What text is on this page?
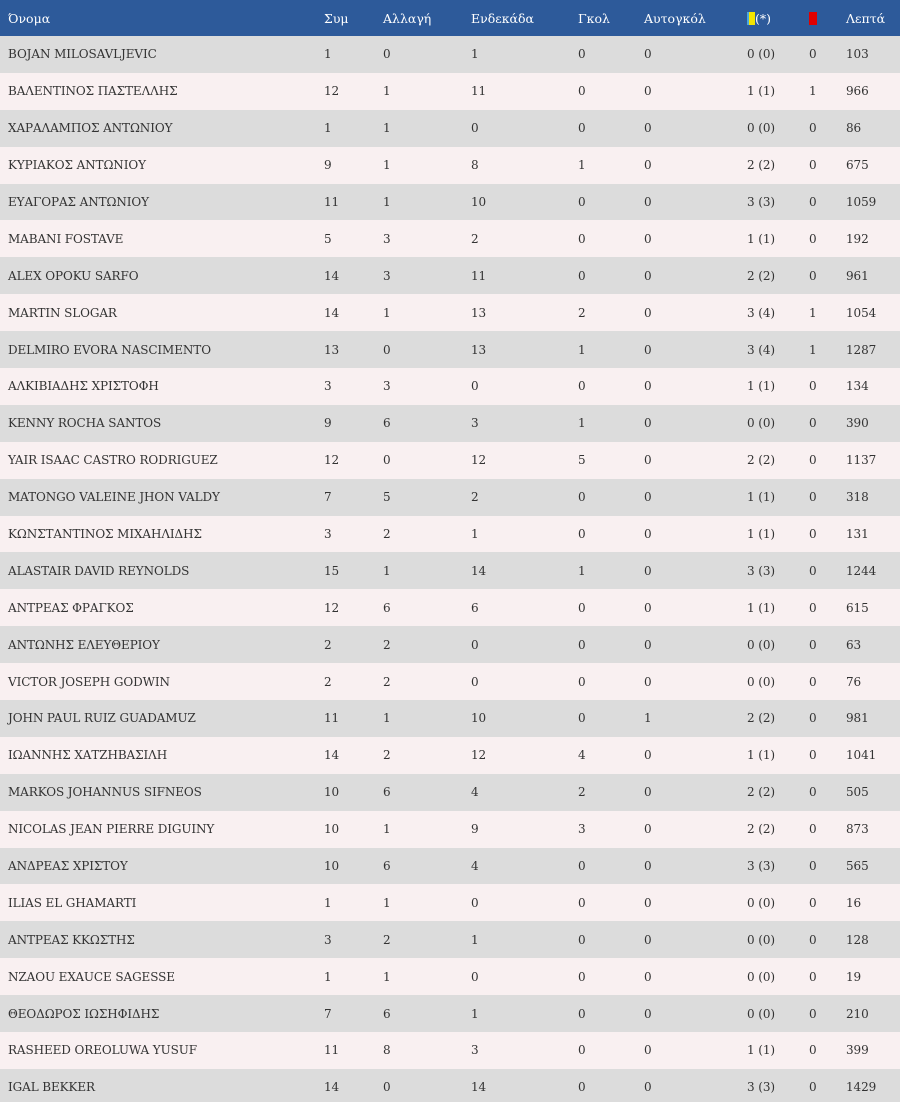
Όνομα	Συμ	Αλλαγή	Ενδεκάδα	Γκολ	Αυτογκόλ	(*)		Λεπτά
BOJAN MILOSAVLJEVIC	1	0	1	0	0	0 (0)	0	103
ΒΑΛΕΝΤΙΝΟΣ ΠΑΣΤΕΛΛΗΣ	12	1	11	0	0	1 (1)	1	966
ΧΑΡΑΛΑΜΠΟΣ ΑΝΤΩΝΙΟΥ	1	1	0	0	0	0 (0)	0	86
ΚΥΡΙΑΚΟΣ ΑΝΤΩΝΙΟΥ	9	1	8	1	0	2 (2)	0	675
ΕΥΑΓΟΡΑΣ ΑΝΤΩΝΙΟΥ	11	1	10	0	0	3 (3)	0	1059
MABANI FOSTAVE	5	3	2	0	0	1 (1)	0	192
ALEX OPOKU SARFO	14	3	11	0	0	2 (2)	0	961
MARTIN SLOGAR	14	1	13	2	0	3 (4)	1	1054
DELMIRO EVORA NASCIMENTO	13	0	13	1	0	3 (4)	1	1287
ΑΛΚΙΒΙΑΔΗΣ ΧΡΙΣΤΟΦΗ	3	3	0	0	0	1 (1)	0	134
KENNY ROCHA SANTOS	9	6	3	1	0	0 (0)	0	390
YAIR ISAAC CASTRO RODRIGUEZ	12	0	12	5	0	2 (2)	0	1137
MATONGO VALEINE JHON VALDY	7	5	2	0	0	1 (1)	0	318
ΚΩΝΣΤΑΝΤΙΝΟΣ ΜΙΧΑΗΛΙΔΗΣ	3	2	1	0	0	1 (1)	0	131
ALASTAIR DAVID REYNOLDS	15	1	14	1	0	3 (3)	0	1244
ΑΝΤΡΕΑΣ ΦΡΑΓΚΟΣ	12	6	6	0	0	1 (1)	0	615
ΑΝΤΩΝΗΣ ΕΛΕΥΘΕΡΙΟΥ	2	2	0	0	0	0 (0)	0	63
VICTOR JOSEPH GODWIN	2	2	0	0	0	0 (0)	0	76
JOHN PAUL RUIZ GUADAMUZ	11	1	10	0	1	2 (2)	0	981
ΙΩΑΝΝΗΣ ΧΑΤΖΗΒΑΣΙΛΗ	14	2	12	4	0	1 (1)	0	1041
MARKOS JOHANNUS SIFNEOS	10	6	4	2	0	2 (2)	0	505
NICOLAS JEAN PIERRE DIGUINY	10	1	9	3	0	2 (2)	0	873
ΑΝΔΡΕΑΣ ΧΡΙΣΤΟΥ	10	6	4	0	0	3 (3)	0	565
ILIAS EL GHAMARTI	1	1	0	0	0	0 (0)	0	16
ΑΝΤΡΕΑΣ ΚΚΩΣΤΗΣ	3	2	1	0	0	0 (0)	0	128
NZAOU EXAUCE SAGESSE	1	1	0	0	0	0 (0)	0	19
ΘΕΟΔΩΡΟΣ ΙΩΣΗΦΙΔΗΣ	7	6	1	0	0	0 (0)	0	210
RASHEED OREOLUWA YUSUF	11	8	3	0	0	1 (1)	0	399
IGAL BEKKER	14	0	14	0	0	3 (3)	0	1429
